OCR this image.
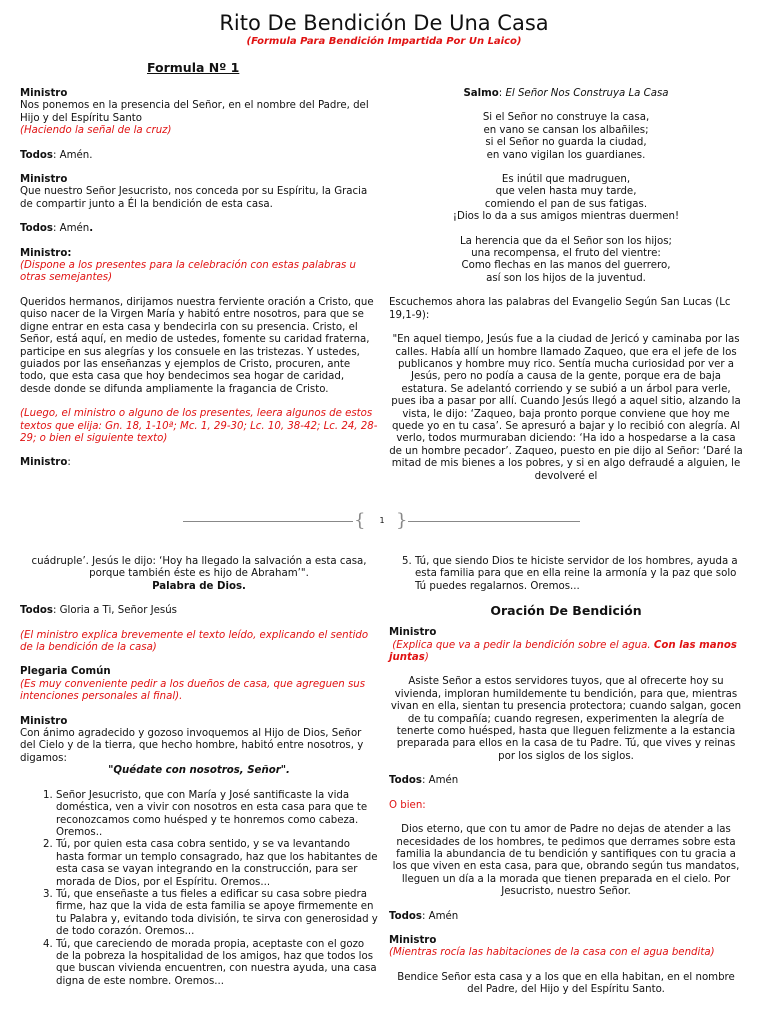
Rito De Bendición De Una Casa
(Formula Para Bendición Impartida Por Un Laico)
Formula Nº 1

Ministro

Nos ponemos en la presencia del Señor, en el nombre del Padre, del Hijo y del Espíritu Santo

(Haciendo la señal de la cruz)

Todos: Amén.

Ministro

Que nuestro Señor Jesucristo, nos conceda por su Espíritu, la Gracia de compartir junto a Él la bendición de esta casa.

Todos: Amén.

Ministro:

(Dispone a los presentes para la celebración con estas palabras u otras semejantes)

Queridos hermanos, dirijamos nuestra ferviente oración a Cristo, que quiso nacer de la Virgen María y habitó entre nosotros, para que se digne entrar en esta casa y bendecirla con su presencia. Cristo, el Señor, está aquí, en medio de ustedes, fomente su caridad fraterna, participe en sus alegrías y los consuele en las tristezas. Y ustedes, guiados por las enseñanzas y ejemplos de Cristo, procuren, ante todo, que esta casa que hoy bendecimos sea hogar de caridad, desde donde se difunda ampliamente la fragancia de Cristo.

(Luego, el ministro o alguno de los presentes, leera algunos de estos textos que elija: Gn. 18, 1-10ª; Mc. 1, 29-30; Lc. 10, 38-42; Lc. 24, 28-29; o bien el siguiente texto)

Ministro:

Salmo: El Señor Nos Construya La Casa

Si el Señor no construye la casa,

en vano se cansan los albañiles;

si el Señor no guarda la ciudad,

en vano vigilan los guardianes.

Es inútil que madruguen,

que velen hasta muy tarde,

comiendo el pan de sus fatigas.

¡Dios lo da a sus amigos mientras duermen!

La herencia que da el Señor son los hijos;

una recompensa, el fruto del vientre:

Como flechas en las manos del guerrero,

así son los hijos de la juventud.

Escuchemos ahora las palabras del Evangelio Según San Lucas (Lc 19,1-9):

"En aquel tiempo, Jesús fue a la ciudad de Jericó y caminaba por las calles. Había allí un hombre llamado Zaqueo, que era el jefe de los publicanos y hombre muy rico. Sentía mucha curiosidad por ver a Jesús, pero no podía a causa de la gente, porque era de baja estatura. Se adelantó corriendo y se subió a un árbol para verle, pues iba a pasar por allí. Cuando Jesús llegó a aquel sitio, alzando la vista, le dijo: ‘Zaqueo, baja pronto porque conviene que hoy me quede yo en tu casa’. Se apresuró a bajar y lo recibió con alegría. Al verlo, todos murmuraban diciendo: ‘Ha ido a hospedarse a la casa de un hombre pecador’. Zaqueo, puesto en pie dijo al Señor: ‘Daré la mitad de mis bienes a los pobres, y si en algo defraudé a alguien, le devolveré el

{	1 }

cuádruple’. Jesús le dijo: ‘Hoy ha llegado la salvación a esta casa, porque también éste es hijo de Abraham’".

Palabra de Dios.

Todos: Gloria a Ti, Señor Jesús

(El ministro explica brevemente el texto leído, explicando el sentido de la bendición de la casa)

Plegaria Común

(Es muy conveniente pedir a los dueños de casa, que agreguen sus intenciones personales al final).

Ministro

Con ánimo agradecido y gozoso invoquemos al Hijo de Dios, Señor del Cielo y de la tierra, que hecho hombre, habitó entre nosotros, y digamos:

"Quédate con nosotros, Señor".

1. Señor Jesucristo, que con María y José santificaste la vida doméstica, ven a vivir con nosotros en esta casa para que te reconozcamos como huésped y te honremos como cabeza. Oremos..
2. Tú, por quien esta casa cobra sentido, y se va levantando hasta formar un templo consagrado, haz que los habitantes de esta casa se vayan integrando en la construcción, para ser morada de Dios, por el Espíritu. Oremos...
3. Tú, que enseñaste a tus fieles a edificar su casa sobre piedra firme, haz que la vida de esta familia se apoye firmemente en tu Palabra y, evitando toda división, te sirva con generosidad y de todo corazón. Oremos...
4. Tú, que careciendo de morada propia, aceptaste con el gozo de la pobreza la hospitalidad de los amigos, haz que todos los que buscan vivienda encuentren, con nuestra ayuda, una casa digna de este nombre. Oremos...
5. Tú, que siendo Dios te hiciste servidor de los hombres, ayuda a esta familia para que en ella reine la armonía y la paz que solo Tú puedes regalarnos. Oremos...

Oración De Bendición

Ministro

(Explica que va a pedir la bendición sobre el agua. Con las manos juntas)

Asiste Señor a estos servidores tuyos, que al ofrecerte hoy su vivienda, imploran humildemente tu bendición, para que, mientras vivan en ella, sientan tu presencia protectora; cuando salgan, gocen de tu compañía; cuando regresen, experimenten la alegría de tenerte como huésped, hasta que lleguen felizmente a la estancia preparada para ellos en la casa de tu Padre. Tú, que vives y reinas por los siglos de los siglos.

Todos: Amén

O bien:

Dios eterno, que con tu amor de Padre no dejas de atender a las necesidades de los hombres, te pedimos que derrames sobre esta familia la abundancia de tu bendición y santifiques con tu gracia a los que viven en esta casa, para que, obrando según tus mandatos, lleguen un día a la morada que tienen preparada en el cielo. Por Jesucristo, nuestro Señor.

Todos: Amén

Ministro

(Mientras rocía las habitaciones de la casa con el agua bendita)

Bendice Señor esta casa y a los que en ella habitan, en el nombre del Padre, del Hijo y del Espíritu Santo.
